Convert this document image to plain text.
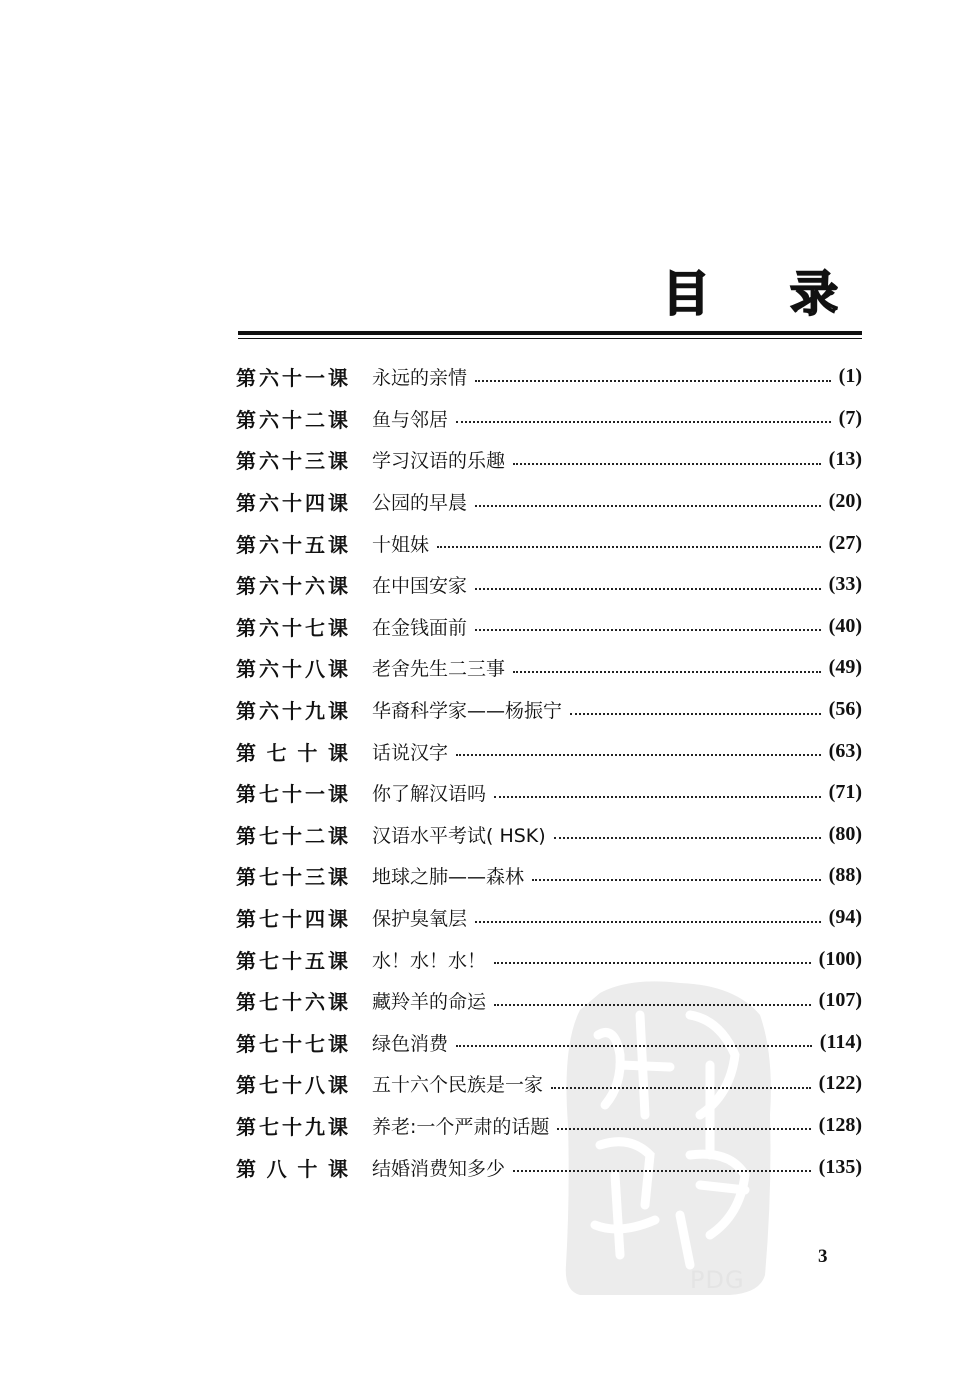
PDG
目 录
第 六 十 一 课 永远的亲情	(1)
第 六 十 二 课 鱼与邻居	(7)
第 六 十 三 课 学习汉语的乐趣	(13)
第 六 十 四 课 公园的早晨	(20)
第 六 十 五 课 十姐妹	(27)
第 六 十 六 课 在中国安家	(33)
第 六 十 七 课 在金钱面前	(40)
第 六 十 八 课 老舍先生二三事	(49)
第 六 十 九 课 华裔科学家——杨振宁	(56)
第 七 十 课 话说汉字	(63)
第 七 十 一 课 你了解汉语吗	(71)
第 七 十 二 课 汉语水平考试( HSK)	(80)
第 七 十 三 课 地球之肺——森林	(88)
第 七 十 四 课 保护臭氧层	(94)
第 七 十 五 课 水！水！水！	(100)
第 七 十 六 课 藏羚羊的命运	(107)
第 七 十 七 课 绿色消费	(114)
第 七 十 八 课 五十六个民族是一家	(122)
第 七 十 九 课 养老:一个严肃的话题	(128)
第 八 十 课 结婚消费知多少	(135)
3
